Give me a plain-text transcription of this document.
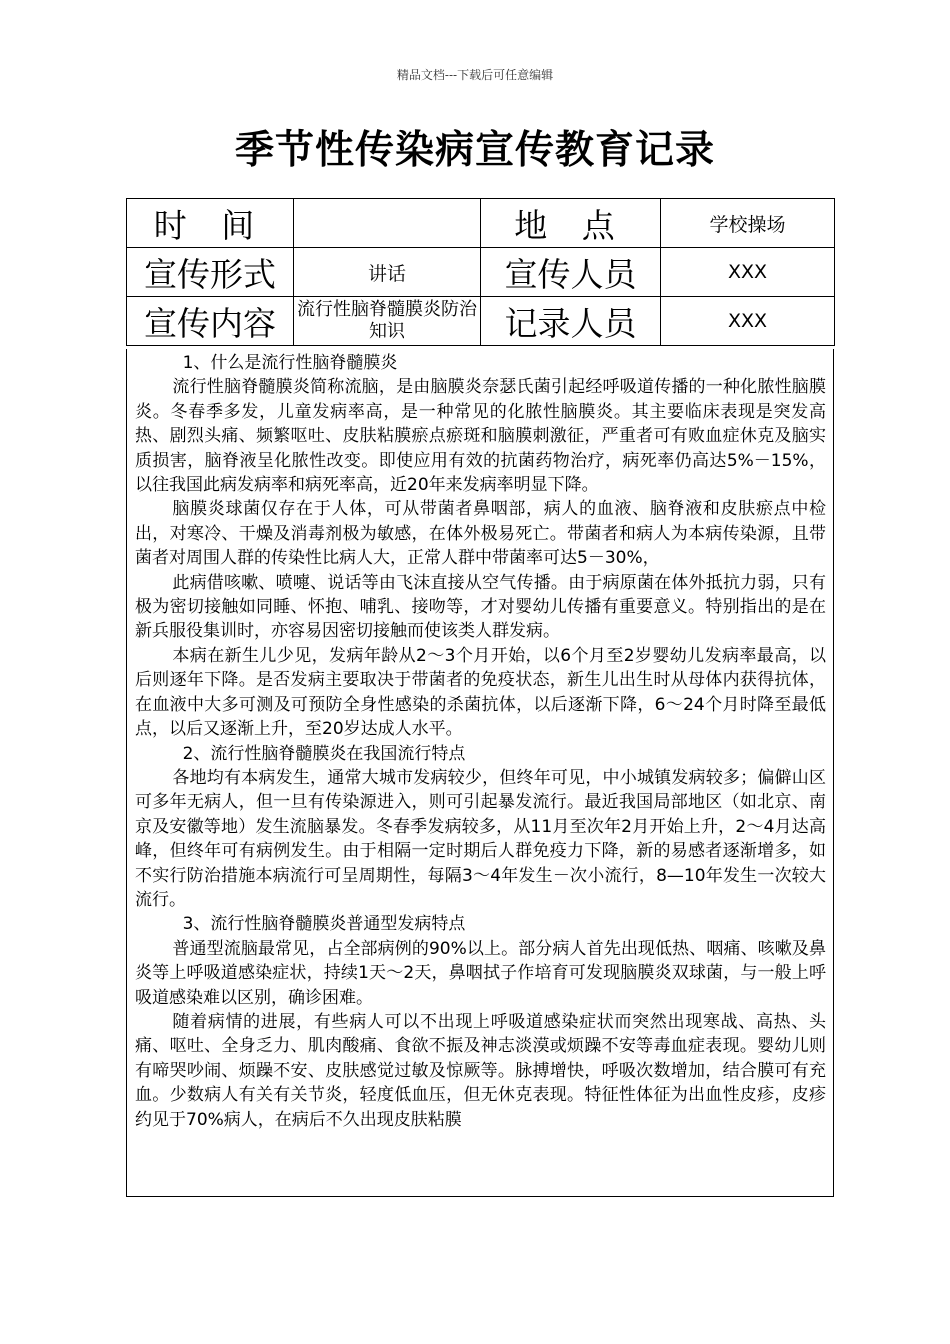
精品文档---下载后可任意编辑
季节性传染病宣传教育记录
时 间		地 点	学校操场
宣传形式	讲话	宣传人员	XXX
宣传内容	流行性脑脊髓膜炎防治知识	记录人员	XXX

1、什么是流行性脑脊髓膜炎

流行性脑脊髓膜炎简称流脑，是由脑膜炎奈瑟氏菌引起经呼吸道传播的一种化脓性脑膜炎。冬春季多发，儿童发病率高，是一种常见的化脓性脑膜炎。其主要临床表现是突发高热、剧烈头痛、频繁呕吐、皮肤粘膜瘀点瘀斑和脑膜刺激征，严重者可有败血症休克及脑实质损害，脑脊液呈化脓性改变。即使应用有效的抗菌药物治疗，病死率仍高达5%－15%，以往我国此病发病率和病死率高，近20年来发病率明显下降。

脑膜炎球菌仅存在于人体，可从带菌者鼻咽部，病人的血液、脑脊液和皮肤瘀点中检出，对寒冷、干燥及消毒剂极为敏感，在体外极易死亡。带菌者和病人为本病传染源，且带菌者对周围人群的传染性比病人大，正常人群中带菌率可达5－30%，

此病借咳嗽、喷嚏、说话等由飞沫直接从空气传播。由于病原菌在体外抵抗力弱，只有极为密切接触如同睡、怀抱、哺乳、接吻等，才对婴幼儿传播有重要意义。特别指出的是在新兵服役集训时，亦容易因密切接触而使该类人群发病。

本病在新生儿少见，发病年龄从2～3个月开始，以6个月至2岁婴幼儿发病率最高，以后则逐年下降。是否发病主要取决于带菌者的免疫状态，新生儿出生时从母体内获得抗体，在血液中大多可测及可预防全身性感染的杀菌抗体，以后逐渐下降，6～24个月时降至最低点，以后又逐渐上升，至20岁达成人水平。

2、流行性脑脊髓膜炎在我国流行特点

各地均有本病发生，通常大城市发病较少，但终年可见，中小城镇发病较多；偏僻山区可多年无病人，但一旦有传染源进入，则可引起暴发流行。最近我国局部地区（如北京、南京及安徽等地）发生流脑暴发。冬春季发病较多，从11月至次年2月开始上升，2～4月达高峰，但终年可有病例发生。由于相隔一定时期后人群免疫力下降，新的易感者逐渐增多，如不实行防治措施本病流行可呈周期性，每隔3～4年发生－次小流行，8—10年发生一次较大流行。

3、流行性脑脊髓膜炎普通型发病特点

普通型流脑最常见，占全部病例的90%以上。部分病人首先出现低热、咽痛、咳嗽及鼻炎等上呼吸道感染症状，持续1天～2天，鼻咽拭子作培育可发现脑膜炎双球菌，与一般上呼吸道感染难以区别，确诊困难。

随着病情的进展，有些病人可以不出现上呼吸道感染症状而突然出现寒战、高热、头痛、呕吐、全身乏力、肌肉酸痛、食欲不振及神志淡漠或烦躁不安等毒血症表现。婴幼儿则有啼哭吵闹、烦躁不安、皮肤感觉过敏及惊厥等。脉搏增快，呼吸次数增加，结合膜可有充血。少数病人有关有关节炎，轻度低血压，但无休克表现。特征性体征为出血性皮疹，皮疹约见于70%病人，在病后不久出现皮肤粘膜
